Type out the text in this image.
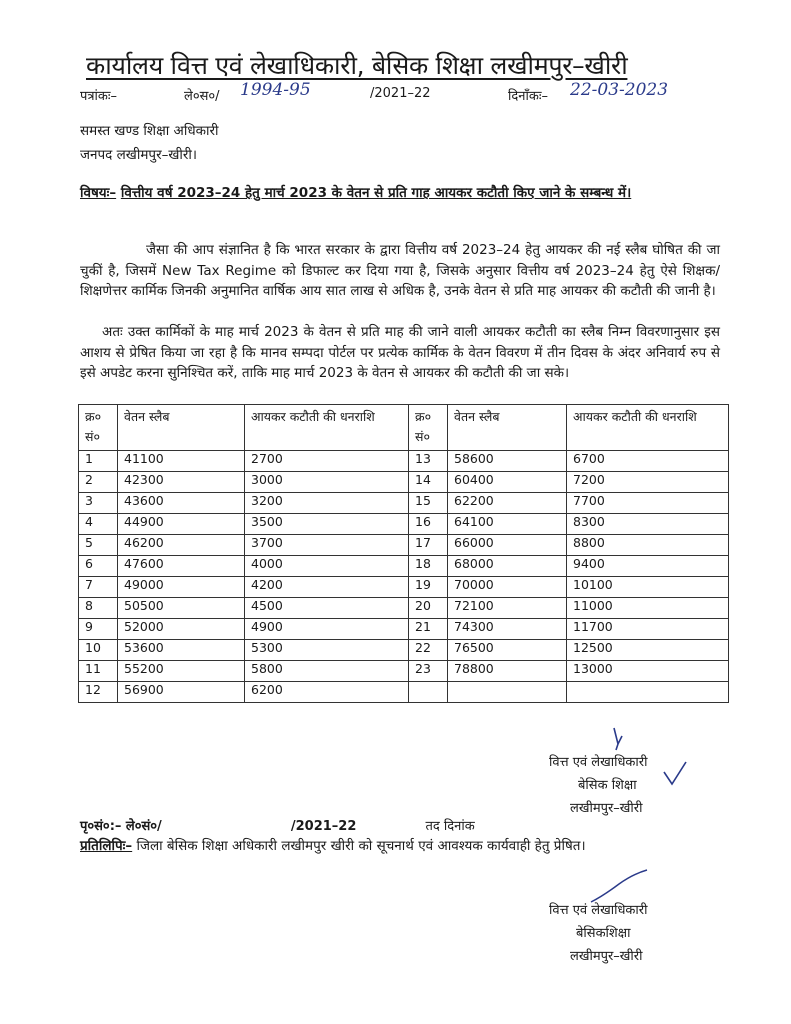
कार्यालय वित्त एवं लेखाधिकारी, बेसिक शिक्षा लखीमपुर–खीरी
पत्रांकः–	ले०स०/ 1994-95	/2021–22	दिनाँकः– 22-03-2023
समस्त खण्ड शिक्षा अधिकारी
जनपद लखीमपुर–खीरी।
विषयः– वित्तीय वर्ष 2023–24 हेतु मार्च 2023 के वेतन से प्रति गाह आयकर कटौती किए जाने के सम्बन्ध में।
जैसा की आप संज्ञानित है कि भारत सरकार के द्वारा वित्तीय वर्ष 2023–24 हेतु आयकर की नई स्लैब घोषित की जा चुकीं है, जिसमें New Tax Regime को डिफाल्ट कर दिया गया है, जिसके अनुसार वित्तीय वर्ष 2023–24 हेतु ऐसे शिक्षक/शिक्षणेत्तर कार्मिक जिनकी अनुमानित वार्षिक आय सात लाख से अधिक है, उनके वेतन से प्रति माह आयकर की कटौती की जानी है।
अतः उक्त कार्मिकों के माह मार्च 2023 के वेतन से प्रति माह की जाने वाली आयकर कटौती का स्लैब निम्न विवरणानुसार इस आशय से प्रेषित किया जा रहा है कि मानव सम्पदा पोर्टल पर प्रत्येक कार्मिक के वेतन विवरण में तीन दिवस के अंदर अनिवार्य रुप से इसे अपडेट करना सुनिश्चित करें, ताकि माह मार्च 2023 के वेतन से आयकर की कटौती की जा सके।
क्र० सं०	वेतन स्लैब	आयकर कटौती की धनराशि	क्र० सं०	वेतन स्लैब	आयकर कटौती की धनराशि
1	41100	2700	13	58600	6700
2	42300	3000	14	60400	7200
3	43600	3200	15	62200	7700
4	44900	3500	16	64100	8300
5	46200	3700	17	66000	8800
6	47600	4000	18	68000	9400
7	49000	4200	19	70000	10100
8	50500	4500	20	72100	11000
9	52000	4900	21	74300	11700
10	53600	5300	22	76500	12500
11	55200	5800	23	78800	13000
12	56900	6200			
वित्त एवं लेखाधिकारी
बेसिक शिक्षा
लखीमपुर–खीरी
पृ०सं०:– ले०सं०/	/2021–22	तद दिनांक
प्रतिलिपिः– जिला बेसिक शिक्षा अधिकारी लखीमपुर खीरी को सूचनार्थ एवं आवश्यक कार्यवाही हेतु प्रेषित।
वित्त एवं लेखाधिकारी
बेसिकशिक्षा
लखीमपुर–खीरी
